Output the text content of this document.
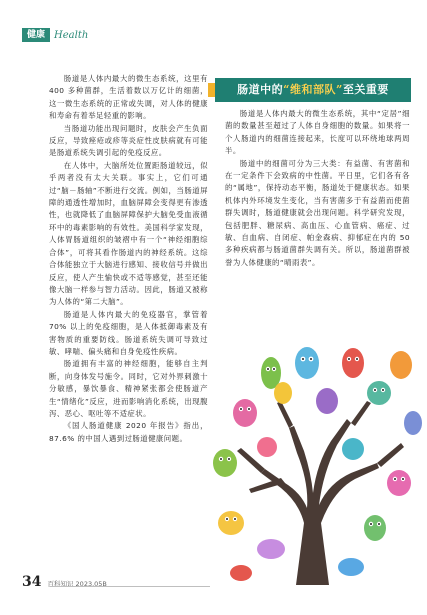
健康 Health

肠道是人体内最大的微生态系统，这里有 400 多种菌群，生活着数以万亿计的细菌，这一微生态系统的正常或失调，对人体的健康和寿命有着举足轻重的影响。

当肠道功能出现问题时，皮肤会产生负面反应，导致痤疮或疹等炎症性皮肤病就有可能是肠道系统失调引起的免疫反应。

在人体中，大脑所处位置距肠道较远，似乎两者没有太大关联。事实上，它们可通过“脑－肠轴”不断进行交流。例如，当肠道屏障的通透性增加时，血脑屏障会变得更有渗透性，也就降低了血脑屏障保护大脑免受血液循环中的毒素影响的有效性。美国科学家发现，人体胃肠道组织的皱褶中有一个“神经细胞综合体”，可将其看作肠道内的神经系统。这综合体能独立于大脑进行感知、接收信号并做出反应，使人产生愉快或不适等感觉，甚至还能像大脑一样参与智力活动。因此，肠道又被称为人体的“第二大脑”。

肠道是人体内最大的免疫器官，掌管着 70% 以上的免疫细胞，是人体抵御毒素及有害物质的重要防线。肠道系统失调可导致过敏、哮喘、偏头痛和自身免疫性疾病。

肠道拥有丰富的神经细胞，能够自主判断，向身体发号施令。同时，它对外界刺激十分敏感，暴饮暴食、精神紧张都会使肠道产生“情绪化”反应，进而影响消化系统，出现腹泻、恶心、呕吐等不适症状。

《国人肠道健康 2020 年报告》指出，87.6% 的中国人遇到过肠道健康问题。

肠道中的“维和部队”至关重要

肠道是人体内最大的微生态系统，其中“定居”细菌的数量甚至超过了人体自身细胞的数量。如果将一个人肠道内的细菌连接起来，长度可以环绕地球两周半。

肠道中的细菌可分为三大类：有益菌、有害菌和在一定条件下会致病的中性菌。平日里，它们各有各的“属地”，保持动态平衡，肠道处于健康状态。如果机体内外环境发生变化，当有害菌多于有益菌而使菌群失调时，肠道健康就会出现问题。科学研究发现，包括肥胖、糖尿病、高血压、心血管病、癌症、过敏、自血病、自闭症、帕金森病、抑郁症在内的 50 多种疾病都与肠道菌群失调有关。所以，肠道菌群被誉为人体健康的“晴雨表”。

34 百科知识 2023.05B
